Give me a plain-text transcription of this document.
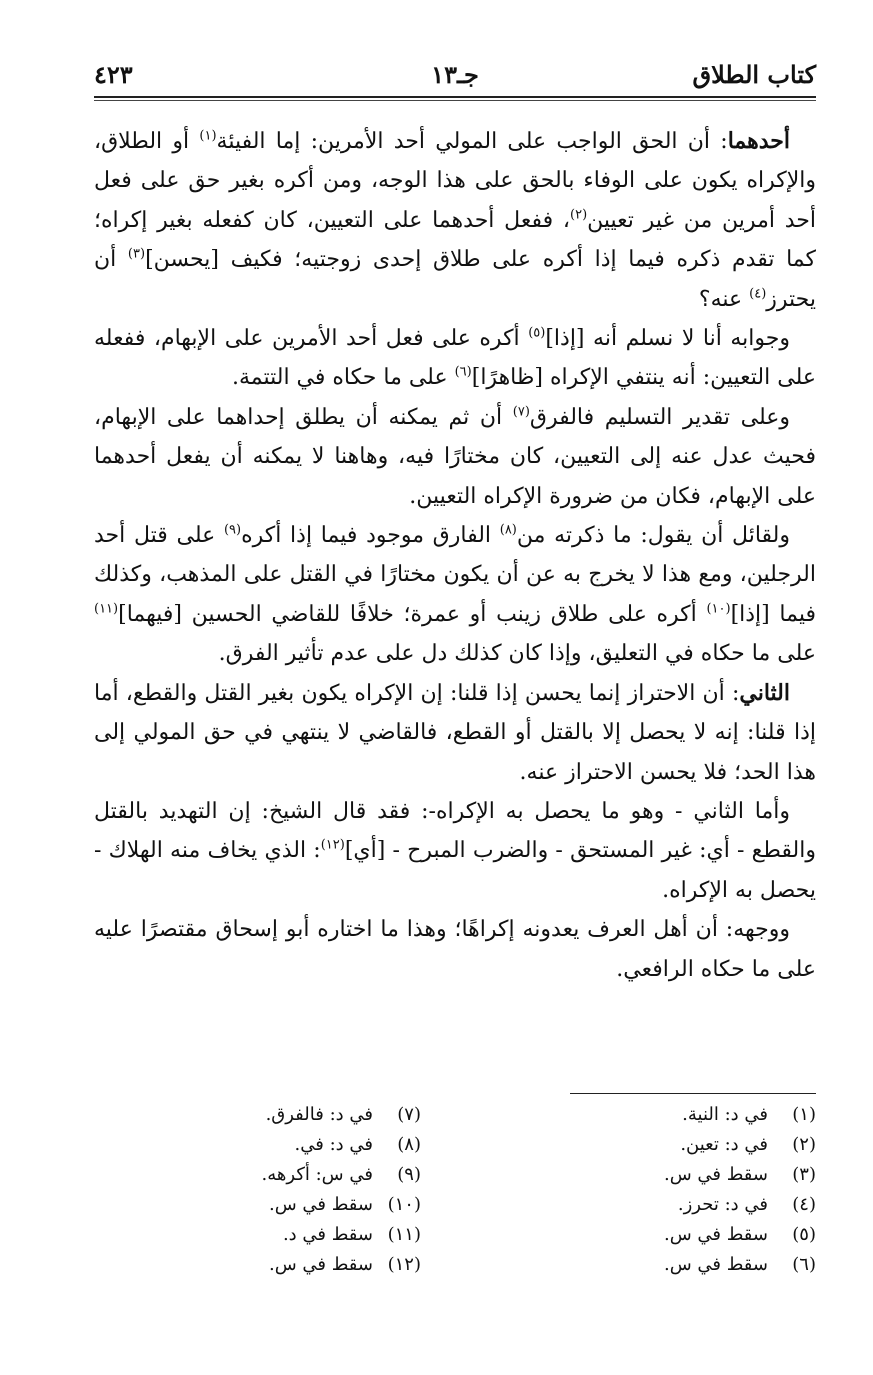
كتاب الطلاق
جـ١٣
٤٢٣

أحدهما: أن الحق الواجب على المولي أحد الأمرين: إما الفيئة$^{(١)}$ أو الطلاق، والإكراه يكون على الوفاء بالحق على هذا الوجه، ومن أكره بغير حق على فعل أحد أمرين من غير تعيين$^{(٢)}$، ففعل أحدهما على التعيين، كان كفعله بغير إكراه؛ كما تقدم ذكره فيما إذا أكره على طلاق إحدى زوجتيه؛ فكيف [يحسن]$^{(٣)}$ أن يحترز$^{(٤)}$ عنه؟

وجوابه أنا لا نسلم أنه [إذا]$^{(٥)}$ أكره على فعل أحد الأمرين على الإبهام، ففعله على التعيين: أنه ينتفي الإكراه [ظاهرًا]$^{(٦)}$ على ما حكاه في التتمة.

وعلى تقدير التسليم فالفرق$^{(٧)}$ أن ثم يمكنه أن يطلق إحداهما على الإبهام، فحيث عدل عنه إلى التعيين، كان مختارًا فيه، وهاهنا لا يمكنه أن يفعل أحدهما على الإبهام، فكان من ضرورة الإكراه التعيين.

ولقائل أن يقول: ما ذكرته من$^{(٨)}$ الفارق موجود فيما إذا أكره$^{(٩)}$ على قتل أحد الرجلين، ومع هذا لا يخرج به عن أن يكون مختارًا في القتل على المذهب، وكذلك فيما [إذا]$^{(١٠)}$ أكره على طلاق زينب أو عمرة؛ خلافًا للقاضي الحسين [فيهما]$^{(١١)}$ على ما حكاه في التعليق، وإذا كان كذلك دل على عدم تأثير الفرق.

الثاني: أن الاحتراز إنما يحسن إذا قلنا: إن الإكراه يكون بغير القتل والقطع، أما إذا قلنا: إنه لا يحصل إلا بالقتل أو القطع، فالقاضي لا ينتهي في حق المولي إلى هذا الحد؛ فلا يحسن الاحتراز عنه.

وأما الثاني - وهو ما يحصل به الإكراه-: فقد قال الشيخ: إن التهديد بالقتل والقطع - أي: غير المستحق - والضرب المبرح - [أي]$^{(١٢)}$: الذي يخاف منه الهلاك - يحصل به الإكراه.

ووجهه: أن أهل العرف يعدونه إكراهًا؛ وهذا ما اختاره أبو إسحاق مقتصرًا عليه على ما حكاه الرافعي.

(١)في د: النية.
(٢)في د: تعين.
(٣)سقط في س.
(٤)في د: تحرز.
(٥)سقط في س.
(٦)سقط في س.
(٧)في د: فالفرق.
(٨)في د: في.
(٩)في س: أكرهه.
(١٠)سقط في س.
(١١)سقط في د.
(١٢)سقط في س.
